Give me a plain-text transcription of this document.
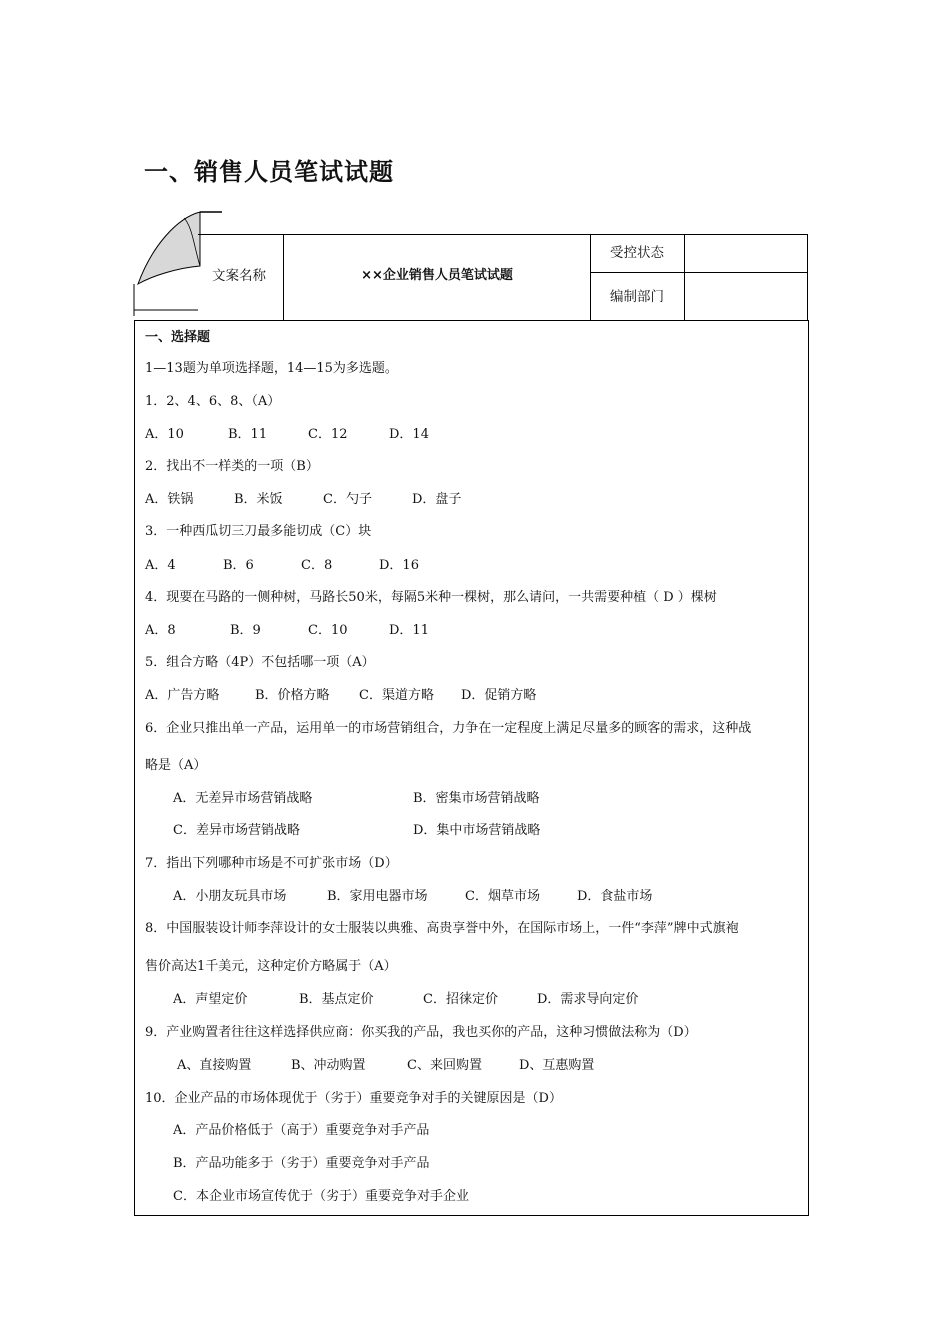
一、销售人员笔试试题
文案名称	××企业销售人员笔试试题
受控状态
编制部门
一、选择题
1—13题为单项选择题，14—15为多选题。
1．2、4、6、8、（A）
A．10	B．11	C．12	D．14
2．找出不一样类的一项（B）
A．铁锅	B．米饭	C．勺子	D．盘子
3．一种西瓜切三刀最多能切成（C）块
A．4	B．6	C．8	D．16
4．现要在马路的一侧种树，马路长50米，每隔5米种一棵树，那么请问，一共需要种植（ D ）棵树
A．8	B．9	C．10	D．11
5．组合方略（4P）不包括哪一项（A）
A．广告方略	B．价格方略 C．渠道方略 D．促销方略
6．企业只推出单一产品，运用单一的市场营销组合，力争在一定程度上满足尽量多的顾客的需求，这种战
略是（A）
A．无差异市场营销战略	B．密集市场营销战略
C．差异市场营销战略	D．集中市场营销战略
7．指出下列哪种市场是不可扩张市场（D）
A．小朋友玩具市场	B．家用电器市场	C．烟草市场	D．食盐市场
8．中国服装设计师李萍设计的女士服装以典雅、高贵享誉中外，在国际市场上，一件“李萍”牌中式旗袍
售价高达1千美元，这种定价方略属于（A）
A．声望定价	B．基点定价	C．招徕定价	D．需求导向定价
9．产业购置者往往这样选择供应商：你买我的产品，我也买你的产品，这种习惯做法称为（D）
A、直接购置	B、冲动购置	C、来回购置	D、互惠购置
10．企业产品的市场体现优于（劣于）重要竞争对手的关键原因是（D）
A．产品价格低于（高于）重要竞争对手产品
B．产品功能多于（劣于）重要竞争对手产品
C．本企业市场宣传优于（劣于）重要竞争对手企业
